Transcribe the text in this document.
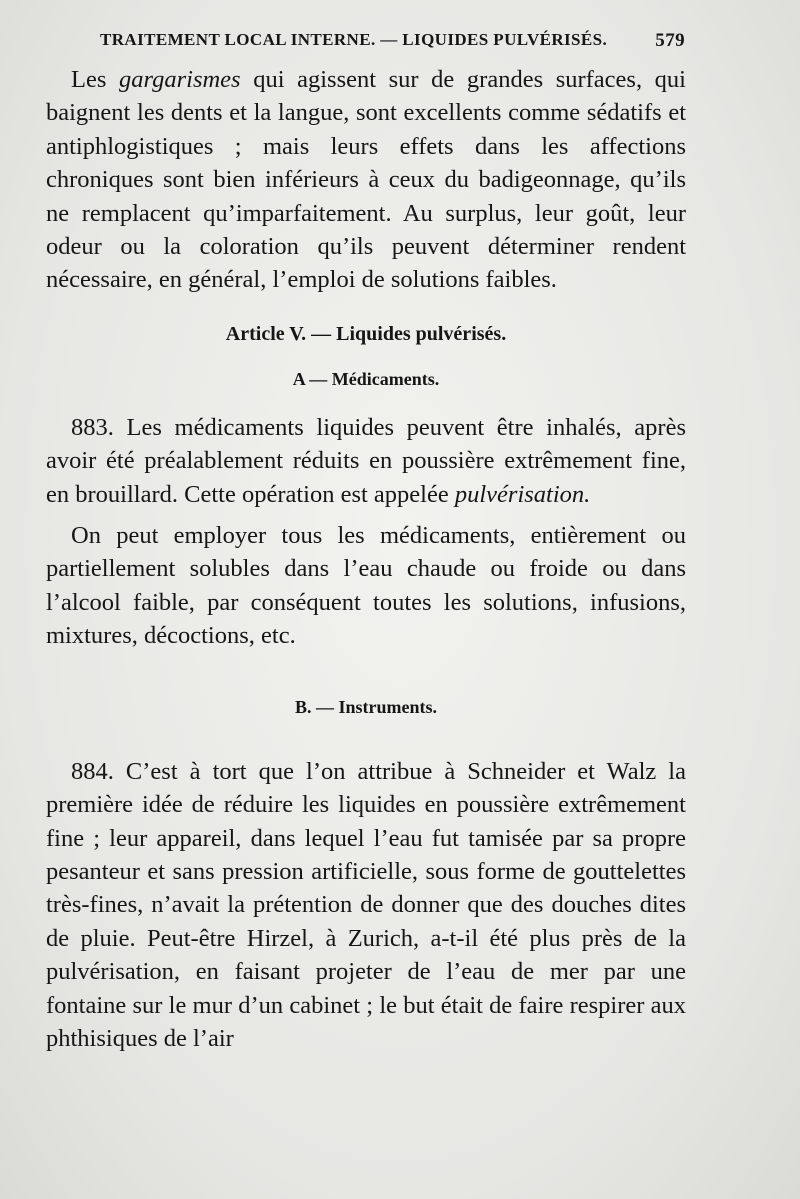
TRAITEMENT LOCAL INTERNE. — LIQUIDES PULVÉRISÉS.	579

Les gargarismes qui agissent sur de grandes surfaces, qui baignent les dents et la langue, sont excellents comme sédatifs et antiphlogistiques ; mais leurs effets dans les affections chroniques sont bien inférieurs à ceux du badigeonnage, qu’ils ne remplacent qu’imparfaitement. Au surplus, leur goût, leur odeur ou la coloration qu’ils peuvent déterminer rendent nécessaire, en général, l’emploi de solutions faibles.

Article V. — Liquides pulvérisés.
A — Médicaments.

883. Les médicaments liquides peuvent être inhalés, après avoir été préalablement réduits en poussière extrêmement fine, en brouillard. Cette opération est appelée pulvérisation.

On peut employer tous les médicaments, entièrement ou partiellement solubles dans l’eau chaude ou froide ou dans l’alcool faible, par conséquent toutes les solutions, infusions, mixtures, décoctions, etc.

B. — Instruments.

884. C’est à tort que l’on attribue à Schneider et Walz la première idée de réduire les liquides en poussière extrêmement fine ; leur appareil, dans lequel l’eau fut tamisée par sa propre pesanteur et sans pression artificielle, sous forme de gouttelettes très-fines, n’avait la prétention de donner que des douches dites de pluie. Peut-être Hirzel, à Zurich, a-t-il été plus près de la pulvérisation, en faisant projeter de l’eau de mer par une fontaine sur le mur d’un cabinet ; le but était de faire respirer aux phthisiques de l’air
